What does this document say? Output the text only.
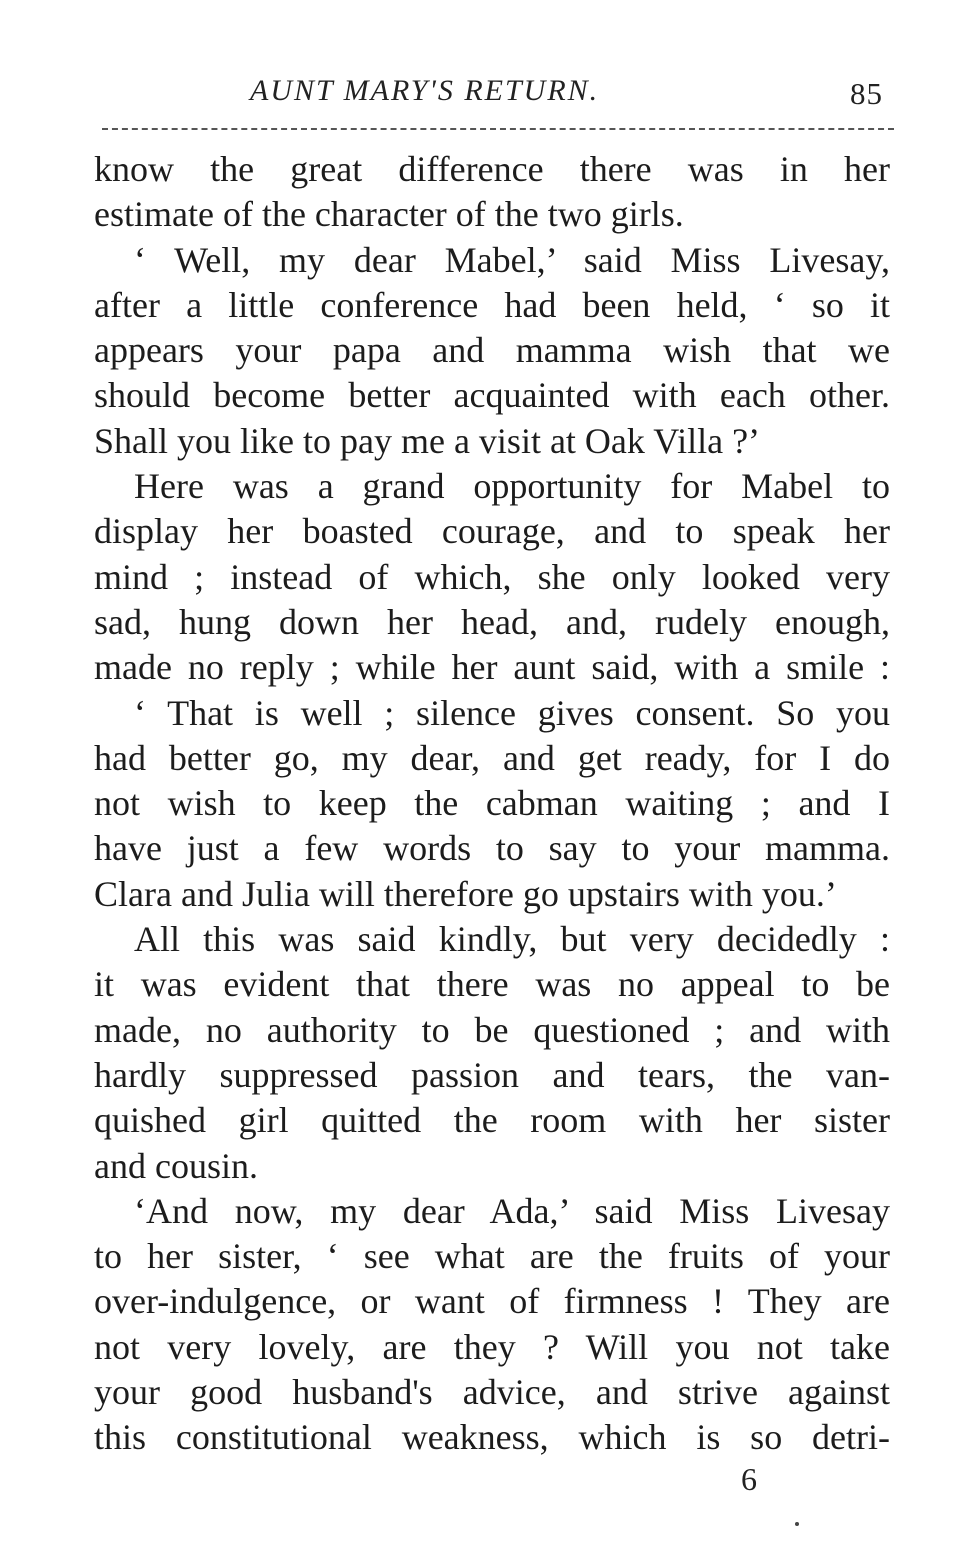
AUNT MARY'S RETURN.	85
know the great difference there was in her
estimate of the character of the two girls.
‘ Well, my dear Mabel,’ said Miss Livesay,
after a little conference had been held, ‘ so it
appears your papa and mamma wish that we
should become better acquainted with each other.
Shall you like to pay me a visit at Oak Villa ?’
Here was a grand opportunity for Mabel to
display her boasted courage, and to speak her
mind ; instead of which, she only looked very
sad, hung down her head, and, rudely enough,
made no reply ; while her aunt said, with a smile :
‘ That is well ; silence gives consent. So you
had better go, my dear, and get ready, for I do
not wish to keep the cabman waiting ; and I
have just a few words to say to your mamma.
Clara and Julia will therefore go upstairs with you.’
All this was said kindly, but very decidedly :
it was evident that there was no appeal to be
made, no authority to be questioned ; and with
hardly suppressed passion and tears, the van-
quished girl quitted the room with her sister
and cousin.
‘And now, my dear Ada,’ said Miss Livesay
to her sister, ‘ see what are the fruits of your
over-indulgence, or want of firmness ! They are
not very lovely, are they ? Will you not take
your good husband's advice, and strive against
this constitutional weakness, which is so detri-
6
